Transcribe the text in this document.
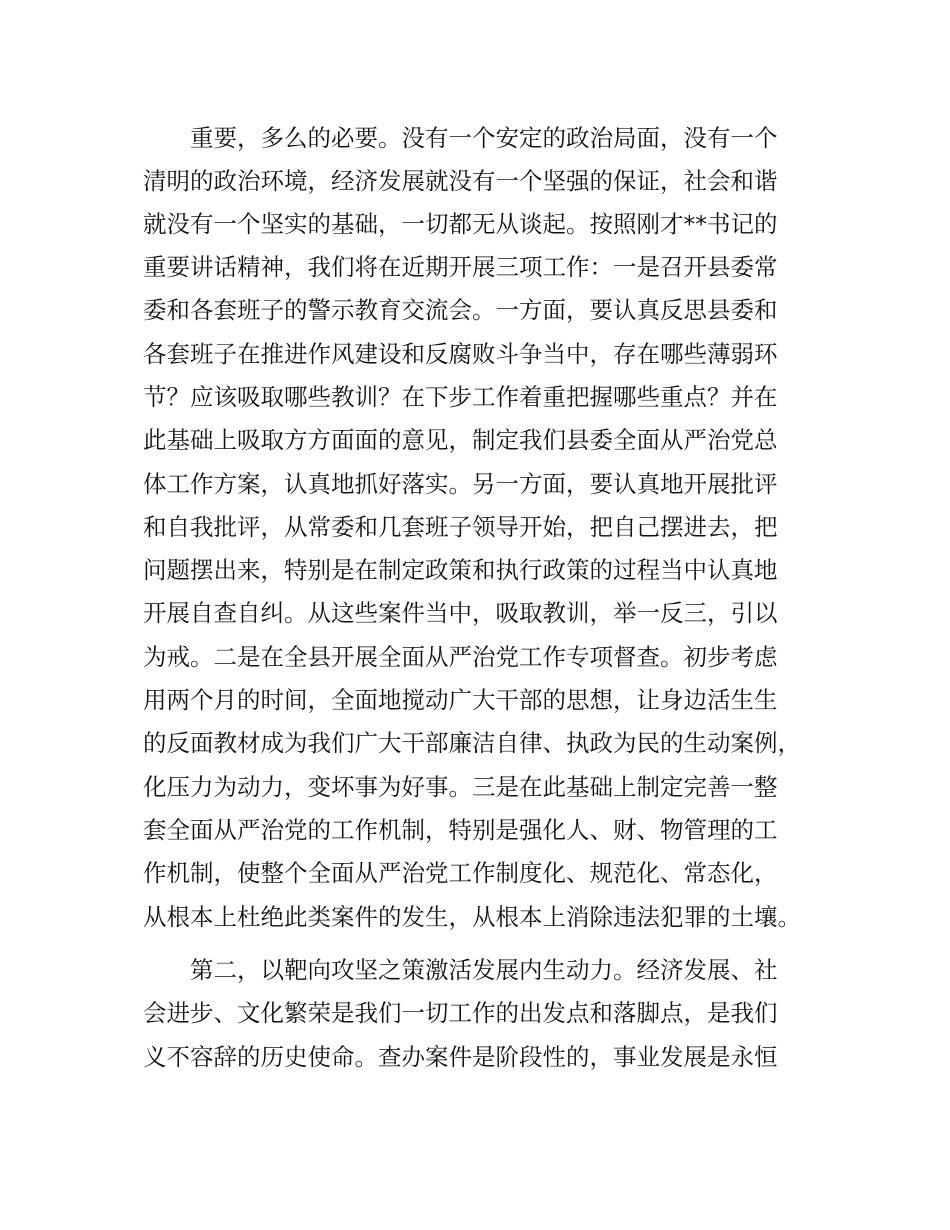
　　重要，多么的必要。没有一个安定的政治局面，没有一个
清明的政治环境，经济发展就没有一个坚强的保证，社会和谐
就没有一个坚实的基础，一切都无从谈起。按照刚才**书记的
重要讲话精神，我们将在近期开展三项工作：一是召开县委常
委和各套班子的警示教育交流会。一方面，要认真反思县委和
各套班子在推进作风建设和反腐败斗争当中，存在哪些薄弱环
节？应该吸取哪些教训？在下步工作着重把握哪些重点？并在
此基础上吸取方方面面的意见，制定我们县委全面从严治党总
体工作方案，认真地抓好落实。另一方面，要认真地开展批评
和自我批评，从常委和几套班子领导开始，把自己摆进去，把
问题摆出来，特别是在制定政策和执行政策的过程当中认真地
开展自查自纠。从这些案件当中，吸取教训，举一反三，引以
为戒。二是在全县开展全面从严治党工作专项督查。初步考虑
用两个月的时间，全面地搅动广大干部的思想，让身边活生生
的反面教材成为我们广大干部廉洁自律、执政为民的生动案例，
化压力为动力，变坏事为好事。三是在此基础上制定完善一整
套全面从严治党的工作机制，特别是强化人、财、物管理的工
作机制，使整个全面从严治党工作制度化、规范化、常态化，
从根本上杜绝此类案件的发生，从根本上消除违法犯罪的土壤。
　　第二，以靶向攻坚之策激活发展内生动力。经济发展、社
会进步、文化繁荣是我们一切工作的出发点和落脚点，是我们
义不容辞的历史使命。查办案件是阶段性的，事业发展是永恒
